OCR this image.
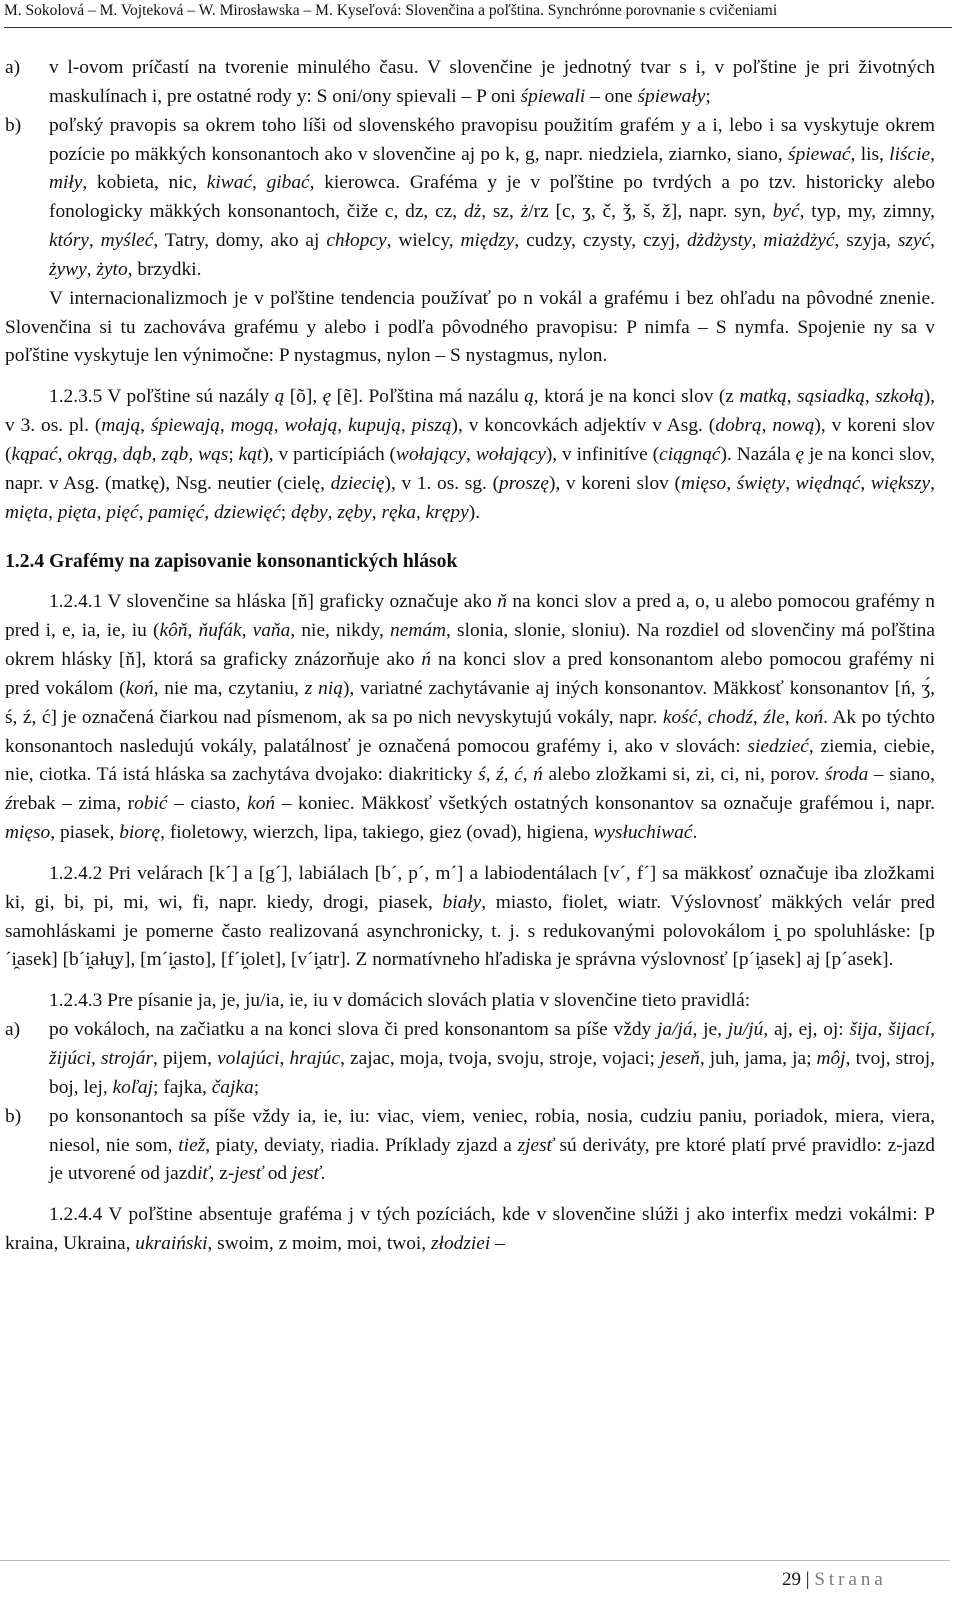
M. Sokolová – M. Vojteková – W. Mirosławska – M. Kyseľová: Slovenčina a poľština. Synchrónne porovnanie s cvičeniami

a) v l-ovom príčastí na tvorenie minulého času. V slovenčine je jednotný tvar s i, v poľštine je pri životných maskulínach i, pre ostatné rody y: S oni/ony spievali – P oni śpiewali – one śpiewały;

b) poľský pravopis sa okrem toho líši od slovenského pravopisu použitím grafém y a i, lebo i sa vyskytuje okrem pozície po mäkkých konsonantoch ako v slovenčine aj po k, g, napr. niedziela, ziarnko, siano, śpiewać, lis, liście, miły, kobieta, nic, kiwać, gibać, kierowca. Graféma y je v poľštine po tvrdých a po tzv. historicky alebo fonologicky mäkkých konsonantoch, čiže c, dz, cz, dż, sz, ż/rz [c, ʒ, č, ǯ, š, ž], napr. syn, być, typ, my, zimny, który, myśleć, Tatry, domy, ako aj chłopcy, wielcy, między, cudzy, czysty, czyj, dżdżysty, miażdżyć, szyja, szyć, żywy, żyto, brzydki.

V internacionalizmoch je v poľštine tendencia používať po n vokál a grafému i bez ohľadu na pôvodné znenie. Slovenčina si tu zachováva grafému y alebo i podľa pôvodného pravopisu: P nimfa – S nymfa. Spojenie ny sa v poľštine vyskytuje len výnimočne: P nystagmus, nylon – S nystagmus, nylon.

1.2.3.5 V poľštine sú nazály ą [õ], ę [ẽ]. Poľština má nazálu ą, ktorá je na konci slov (z matką, sąsiadką, szkołą), v 3. os. pl. (mają, śpiewają, mogą, wołają, kupują, piszą), v koncovkách adjektív v Asg. (dobrą, nową), v koreni slov (kąpać, okrąg, dąb, ząb, wąs; kąt), v particípiách (wołający, wołający), v infinitíve (ciągnąć). Nazála ę je na konci slov, napr. v Asg. (matkę), Nsg. neutier (cielę, dziecię), v 1. os. sg. (proszę), v koreni slov (mięso, święty, więdnąć, większy, mięta, pięta, pięć, pamięć, dziewięć; dęby, zęby, ręka, krępy).

1.2.4 Grafémy na zapisovanie konsonantických hlások

1.2.4.1 V slovenčine sa hláska [ň] graficky označuje ako ň na konci slov a pred a, o, u alebo pomocou grafémy n pred i, e, ia, ie, iu (kôň, ňufák, vaňa, nie, nikdy, nemám, slonia, slonie, sloniu). Na rozdiel od slovenčiny má poľština okrem hlásky [ň], ktorá sa graficky znázorňuje ako ń na konci slov a pred konsonantom alebo pomocou grafémy ni pred vokálom (koń, nie ma, czytaniu, z nią), variatné zachytávanie aj iných konsonantov. Mäkkosť konsonantov [ń, ʒ́, ś, ź, ć] je označená čiarkou nad písmenom, ak sa po nich nevyskytujú vokály, napr. kość, chodź, źle, koń. Ak po týchto konsonantoch nasledujú vokály, palatálnosť je označená pomocou grafémy i, ako v slovách: siedzieć, ziemia, ciebie, nie, ciotka. Tá istá hláska sa zachytáva dvojako: diakriticky ś, ź, ć, ń alebo zložkami si, zi, ci, ni, porov. środa – siano, źrebak – zima, robić – ciasto, koń – koniec. Mäkkosť všetkých ostatných konsonantov sa označuje grafémou i, napr. mięso, piasek, biorę, fioletowy, wierzch, lipa, takiego, giez (ovad), higiena, wysłuchiwać.

1.2.4.2 Pri velárach [k´] a [g´], labiálach [b´, p´, m´] a labiodentálach [v´, f´] sa mäkkosť označuje iba zložkami ki, gi, bi, pi, mi, wi, fi, napr. kiedy, drogi, piasek, biały, miasto, fiolet, wiatr. Výslovnosť mäkkých velár pred samohláskami je pomerne často realizovaná asynchronicky, t. j. s redukovanými polovokálom i̯ po spoluhláske: [p´i̯asek] [b´i̯ału̯y], [m´i̯asto], [f´i̯olet], [v´i̯atr]. Z normatívneho hľadiska je správna výslovnosť [p´i̯asek] aj [p´asek].

1.2.4.3 Pre písanie ja, je, ju/ia, ie, iu v domácich slovách platia v slovenčine tieto pravidlá:

a) po vokáloch, na začiatku a na konci slova či pred konsonantom sa píše vždy ja/já, je, ju/jú, aj, ej, oj: šija, šijací, žijúci, strojár, pijem, volajúci, hrajúc, zajac, moja, tvoja, svoju, stroje, vojaci; jeseň, juh, jama, ja; môj, tvoj, stroj, boj, lej, koľaj; fajka, čajka;

b) po konsonantoch sa píše vždy ia, ie, iu: viac, viem, veniec, robia, nosia, cudziu paniu, poriadok, miera, viera, niesol, nie som, tiež, piaty, deviaty, riadia. Príklady zjazd a zjesť sú deriváty, pre ktoré platí prvé pravidlo: z-jazd je utvorené od jazdiť, z-jesť od jesť.

1.2.4.4 V poľštine absentuje graféma j v tých pozíciách, kde v slovenčine slúži j ako interfix medzi vokálmi: P kraina, Ukraina, ukraiński, swoim, z moim, moi, twoi, złodziei –

29 | Strana
